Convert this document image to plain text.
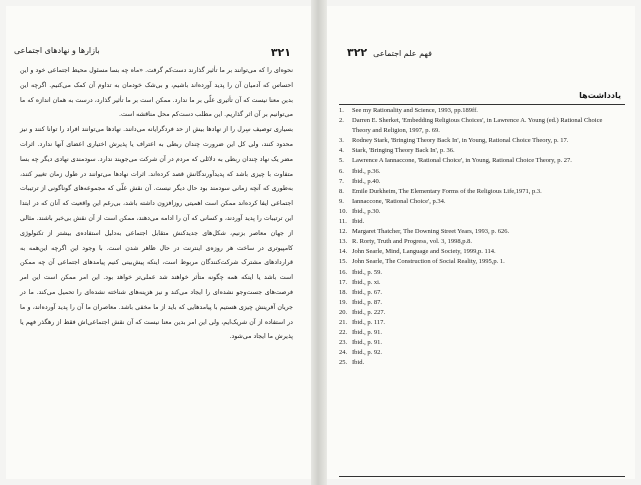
۳۲۱
بازارها و نهادهای اجتماعی

نحوه‌ای را که می‌توانند بر ما تأثیر گذارند دست‌کم گرفت. «ماه چه بسا مسئول محیط اجتماعی خود و این احساس که آدمیان آن را پدید آورده‌اند باشیم، و بی‌شک خودمان به تداوم آن کمک می‌کنیم. اگرچه این بدین معنا نیست که آن تأثیری علّی بر ما ندارد. ممکن است بر ما تأثیر گذارد، درست به همان اندازه که ما می‌توانیم بر آن اثر گذاریم. این مطلب دست‌کم محل مناقشه است.

بسیاری توصیف سِرل را از نهادها بیش از حد فردگرایانه می‌دانند. نهادها می‌توانند افراد را توانا کنند و نیز محدود کنند، ولی کل این ضرورت چندان ربطی به اعتراف یا پذیرش اختیاری اعضای آنها ندارد. اثرات مضر یک نهاد چندان ربطی به دلائلی که مردم در آن شرکت می‌جویند ندارد. سودمندی نهادی دیگر چه بسا متفاوت با چیزی باشد که پدیدآورندگانش قصد کرده‌اند. اثرات نهادها می‌توانند در طول زمان تغییر کنند، به‌طوری که آنچه زمانی سودمند بود حال دیگر نیست. آن نقش علّی که مجموعه‌های گوناگونی از ترتیبات اجتماعی ایفا کرده‌اند ممکن است اهمیتی روزافزون داشته باشد، بی‌رغم این واقعیت که آنان که در ابتدا این ترتیبات را پدید آوردند، و کسانی که آن را ادامه می‌دهند، ممکن است از آن نقش بی‌خبر باشند. مثالی از جهان معاصر بزنیم، شکل‌های جدیدکنش متقابل اجتماعی به‌دلیل استفاده‌ی بیشتر از تکنولوژی کامپیوتری در ساخت هر روزه‌ی اینترنت در حال ظاهر شدن است. با وجود این اگرچه این‌همه به قراردادهای مشترک شرکت‌کنندگان مربوط است، اینکه پیش‌بینی کنیم پیامدهای اجتماعی آن چه ممکن است باشد یا اینکه همه چگونه متأثر خواهند شد عملی‌تر خواهد بود. این امر ممکن است این امر فرصت‌های جست‌وجو نشده‌ای را ایجاد می‌کند و نیز هزینه‌های شناخته نشده‌ای را تحمیل می‌کند. ما در جریان آفرینش چیزی هستیم با پیامدهایی که باید از ما مخفی باشد. معاصران ما آن را پدید آورده‌اند، و ما در استفاده از آن شریک‌ایم، ولی این امر بدین معنا نیست که آن نقش اجتماعی‌اش فقط از رهگذر فهم یا پذیرش ما ایجاد می‌شود.

فهم علم اجتماعی
۳۲۲
یادداشت‌ها
1.	See my Rationality and Science, 1993, pp.189ff.
2.	Darren E. Sherket, 'Embedding Religious Choices', in Lawrence A. Young (ed.) Rational Choice Theory and Religion, 1997, p. 69.
3.	Rodney Stark, 'Bringing Theory Back In', in Young, Rational Choice Theory, p. 17.
4.	Stark, 'Bringing Theory Back In', p. 36.
5.	Lawrence A Iannaccone, 'Rational Choice', in Young, Rational Choice Theory, p. 27.
6.	Ibid., p.36.
7.	Ibid., p.40.
8.	Emile Durkheim, The Elementary Forms of the Religious Life,1971, p.3.
9.	Iannaccone, 'Rational Choice', p.34.
10. Ibid., p.30.
11. Ibid.
12. Margaret Thatcher, The Downing Street Years, 1993, p. 626.
13. R. Rorty, Truth and Progress, vol. 3, 1998,p.8.
14. John Searle, Mind, Language and Society, 1999,p. 114.
15. John Searle, The Construction of Social Reality, 1995,p. 1.
16. Ibid., p. 59.
17. Ibid., p. xi.
18. Ibid., p. 67.
19. Ibid., p. 87.
20. Ibid., p. 227.
21. Ibid., p. 117.
22. Ibid., p. 91.
23. Ibid., p. 91.
24. Ibid., p. 92.
25. Ibid.
